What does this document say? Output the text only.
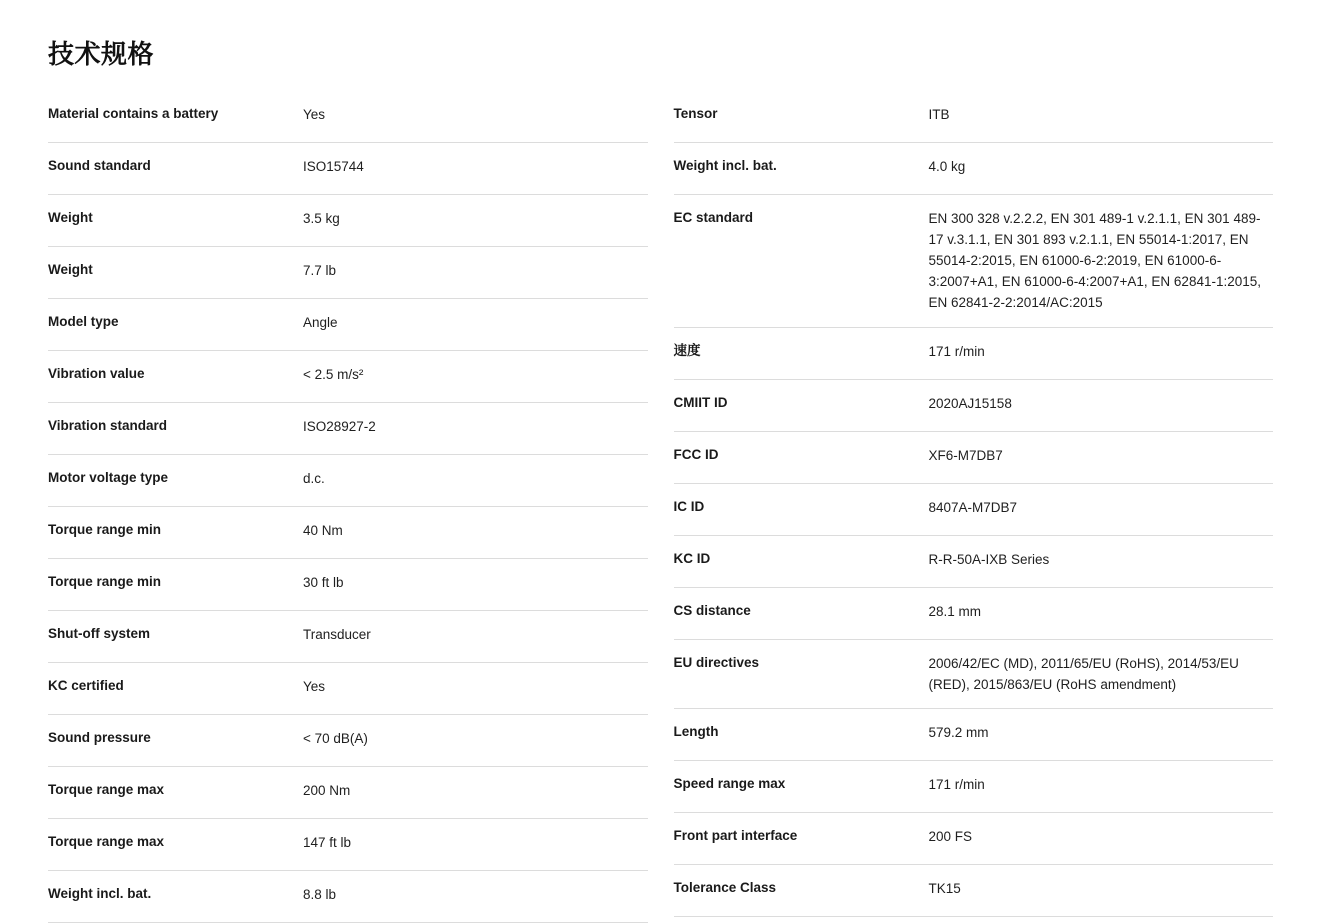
技术规格
Material contains a battery	Yes
Sound standard	ISO15744
Weight	3.5 kg
Weight	7.7 lb
Model type	Angle
Vibration value	< 2.5 m/s²
Vibration standard	ISO28927-2
Motor voltage type	d.c.
Torque range min	40 Nm
Torque range min	30 ft lb
Shut-off system	Transducer
KC certified	Yes
Sound pressure	< 70 dB(A)
Torque range max	200 Nm
Torque range max	147 ft lb
Weight incl. bat.	8.8 lb
Tensor	ITB
Weight incl. bat.	4.0 kg
EC standard	EN 300 328 v.2.2.2, EN 301 489-1 v.2.1.1, EN 301 489-17 v.3.1.1, EN 301 893 v.2.1.1, EN 55014-1:2017, EN 55014-2:2015, EN 61000-6-2:2019, EN 61000-6-3:2007+A1, EN 61000-6-4:2007+A1, EN 62841-1:2015, EN 62841-2-2:2014/AC:2015
速度	171 r/min
CMIIT ID	2020AJ15158
FCC ID	XF6-M7DB7
IC ID	8407A-M7DB7
KC ID	R-R-50A-IXB Series
CS distance	28.1 mm
EU directives	2006/42/EC (MD), 2011/65/EU (RoHS), 2014/53/EU (RED), 2015/863/EU (RoHS amendment)
Length	579.2 mm
Speed range max	171 r/min
Front part interface	200 FS
Tolerance Class	TK15
